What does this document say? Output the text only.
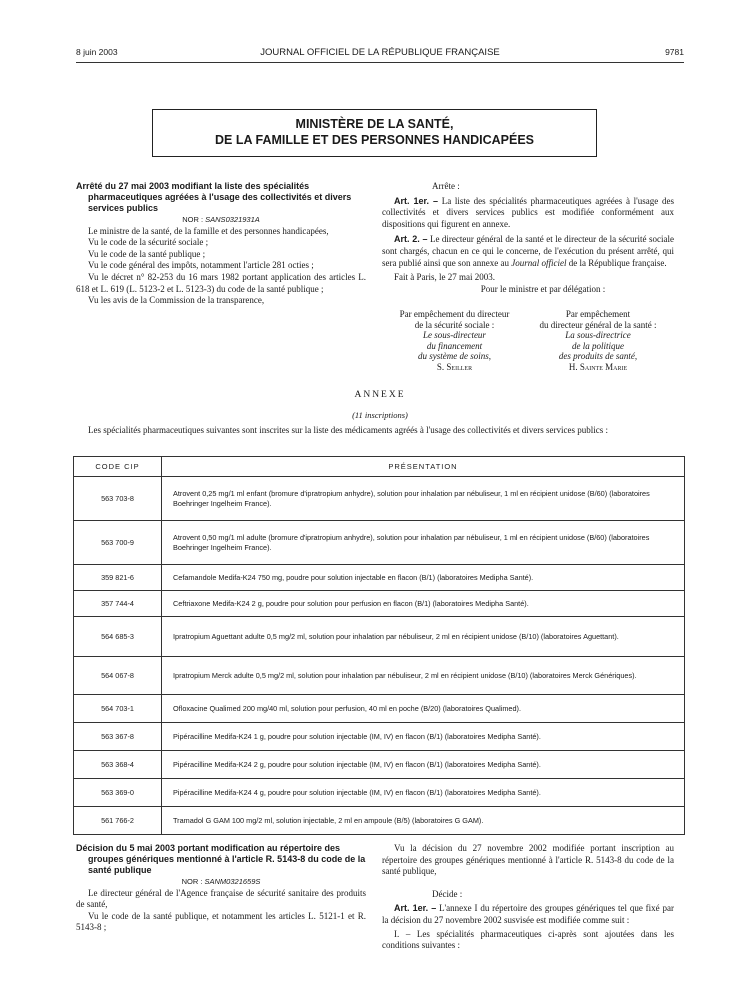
8 juin 2003	JOURNAL OFFICIEL DE LA RÉPUBLIQUE FRANÇAISE	9781
MINISTÈRE DE LA SANTÉ,
DE LA FAMILLE ET DES PERSONNES HANDICAPÉES

Arrêté du 27 mai 2003 modifiant la liste des spécialités pharmaceutiques agréées à l'usage des collectivités et divers services publics

NOR : SANS0321931A

Le ministre de la santé, de la famille et des personnes handicapées,

Vu le code de la sécurité sociale ;

Vu le code de la santé publique ;

Vu le code général des impôts, notamment l'article 281 octies ;

Vu le décret n° 82-253 du 16 mars 1982 portant application des articles L. 618 et L. 619 (L. 5123-2 et L. 5123-3) du code de la santé publique ;

Vu les avis de la Commission de la transparence,

Arrête :

Art. 1er. – La liste des spécialités pharmaceutiques agréées à l'usage des collectivités et divers services publics est modifiée conformément aux dispositions qui figurent en annexe.

Art. 2. – Le directeur général de la santé et le directeur de la sécurité sociale sont chargés, chacun en ce qui le concerne, de l'exécution du présent arrêté, qui sera publié ainsi que son annexe au Journal officiel de la République française.

Fait à Paris, le 27 mai 2003.

Pour le ministre et par délégation :

Par empêchement du directeur
de la sécurité sociale :
Le sous-directeur
du financement
du système de soins,
S. Seiller
Par empêchement
du directeur général de la santé :
La sous-directrice
de la politique
des produits de santé,
H. Sainte Marie
ANNEXE
(11 inscriptions)
Les spécialités pharmaceutiques suivantes sont inscrites sur la liste des médicaments agréés à l'usage des collectivités et divers services publics :
CODE CIP	PRÉSENTATION
563 703-8	Atrovent 0,25 mg/1 ml enfant (bromure d'ipratropium anhydre), solution pour inhalation par nébuliseur, 1 ml en récipient unidose (B/60) (laboratoires Boehringer Ingelheim France).
563 700-9	Atrovent 0,50 mg/1 ml adulte (bromure d'ipratropium anhydre), solution pour inhalation par nébuliseur, 1 ml en récipient unidose (B/60) (laboratoires Boehringer Ingelheim France).
359 821-6	Cefamandole Medifa-K24 750 mg, poudre pour solution injectable en flacon (B/1) (laboratoires Medipha Santé).
357 744-4	Ceftriaxone Medifa-K24 2 g, poudre pour solution pour perfusion en flacon (B/1) (laboratoires Medipha Santé).
564 685-3	Ipratropium Aguettant adulte 0,5 mg/2 ml, solution pour inhalation par nébuliseur, 2 ml en récipient unidose (B/10) (laboratoires Aguettant).
564 067-8	Ipratropium Merck adulte 0,5 mg/2 ml, solution pour inhalation par nébuliseur, 2 ml en récipient unidose (B/10) (laboratoires Merck Génériques).
564 703-1	Ofloxacine Qualimed 200 mg/40 ml, solution pour perfusion, 40 ml en poche (B/20) (laboratoires Qualimed).
563 367-8	Pipéracilline Medifa-K24 1 g, poudre pour solution injectable (IM, IV) en flacon (B/1) (laboratoires Medipha Santé).
563 368-4	Pipéracilline Medifa-K24 2 g, poudre pour solution injectable (IM, IV) en flacon (B/1) (laboratoires Medipha Santé).
563 369-0	Pipéracilline Medifa-K24 4 g, poudre pour solution injectable (IM, IV) en flacon (B/1) (laboratoires Medipha Santé).
561 766-2	Tramadol G GAM 100 mg/2 ml, solution injectable, 2 ml en ampoule (B/5) (laboratoires G GAM).

Décision du 5 mai 2003 portant modification au répertoire des groupes génériques mentionné à l'article R. 5143-8 du code de la santé publique

NOR : SANM0321659S

Le directeur général de l'Agence française de sécurité sanitaire des produits de santé,

Vu le code de la santé publique, et notamment les articles L. 5121-1 et R. 5143-8 ;

Vu la décision du 27 novembre 2002 modifiée portant inscription au répertoire des groupes génériques mentionné à l'article R. 5143-8 du code de la santé publique,

Décide :

Art. 1er. – L'annexe I du répertoire des groupes génériques tel que fixé par la décision du 27 novembre 2002 susvisée est modifiée comme suit :

I. – Les spécialités pharmaceutiques ci-après sont ajoutées dans les conditions suivantes :
